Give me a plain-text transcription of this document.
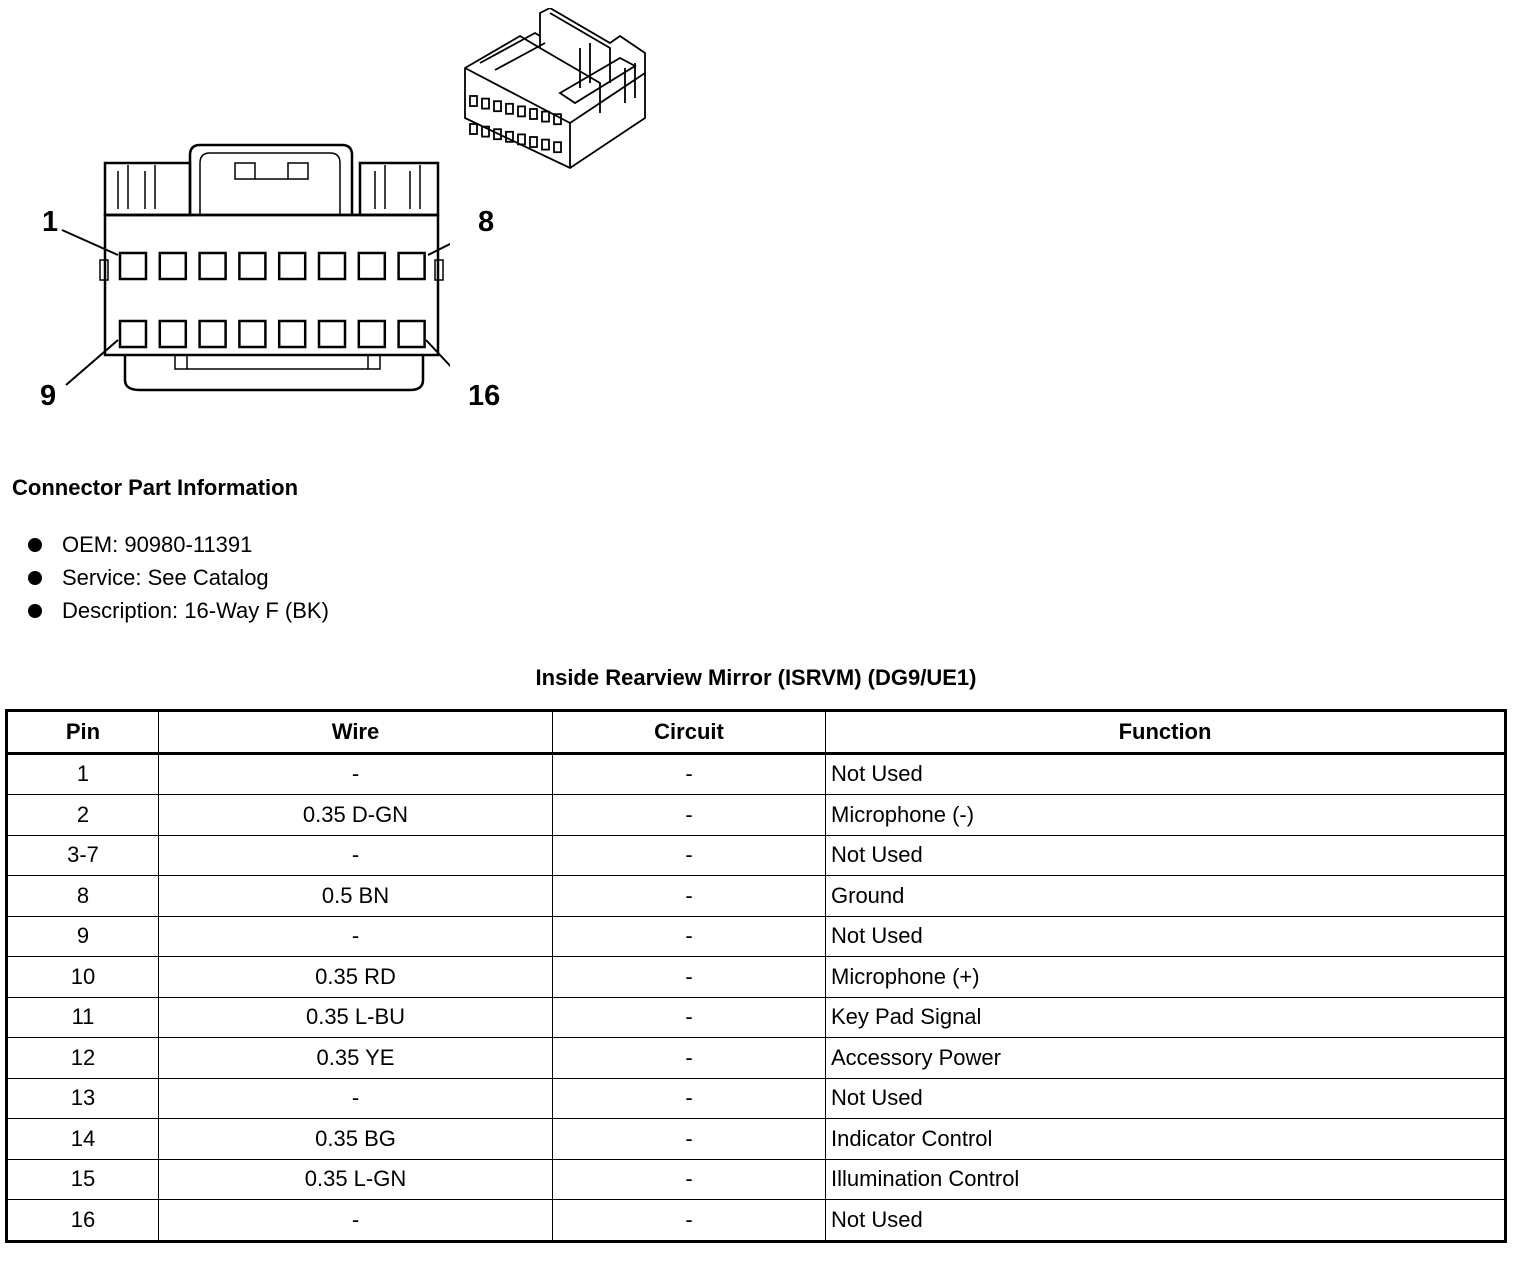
1	8
9	16
Connector Part Information
OEM: 90980-11391
Service: See Catalog
Description: 16-Way F (BK)
Inside Rearview Mirror (ISRVM) (DG9/UE1)
Pin	Wire	Circuit	Function
1	-	-	Not Used
2	0.35 D-GN	-	Microphone (-)
3-7	-	-	Not Used
8	0.5 BN	-	Ground
9	-	-	Not Used
10	0.35 RD	-	Microphone (+)
11	0.35 L-BU	-	Key Pad Signal
12	0.35 YE	-	Accessory Power
13	-	-	Not Used
14	0.35 BG	-	Indicator Control
15	0.35 L-GN	-	Illumination Control
16	-	-	Not Used
